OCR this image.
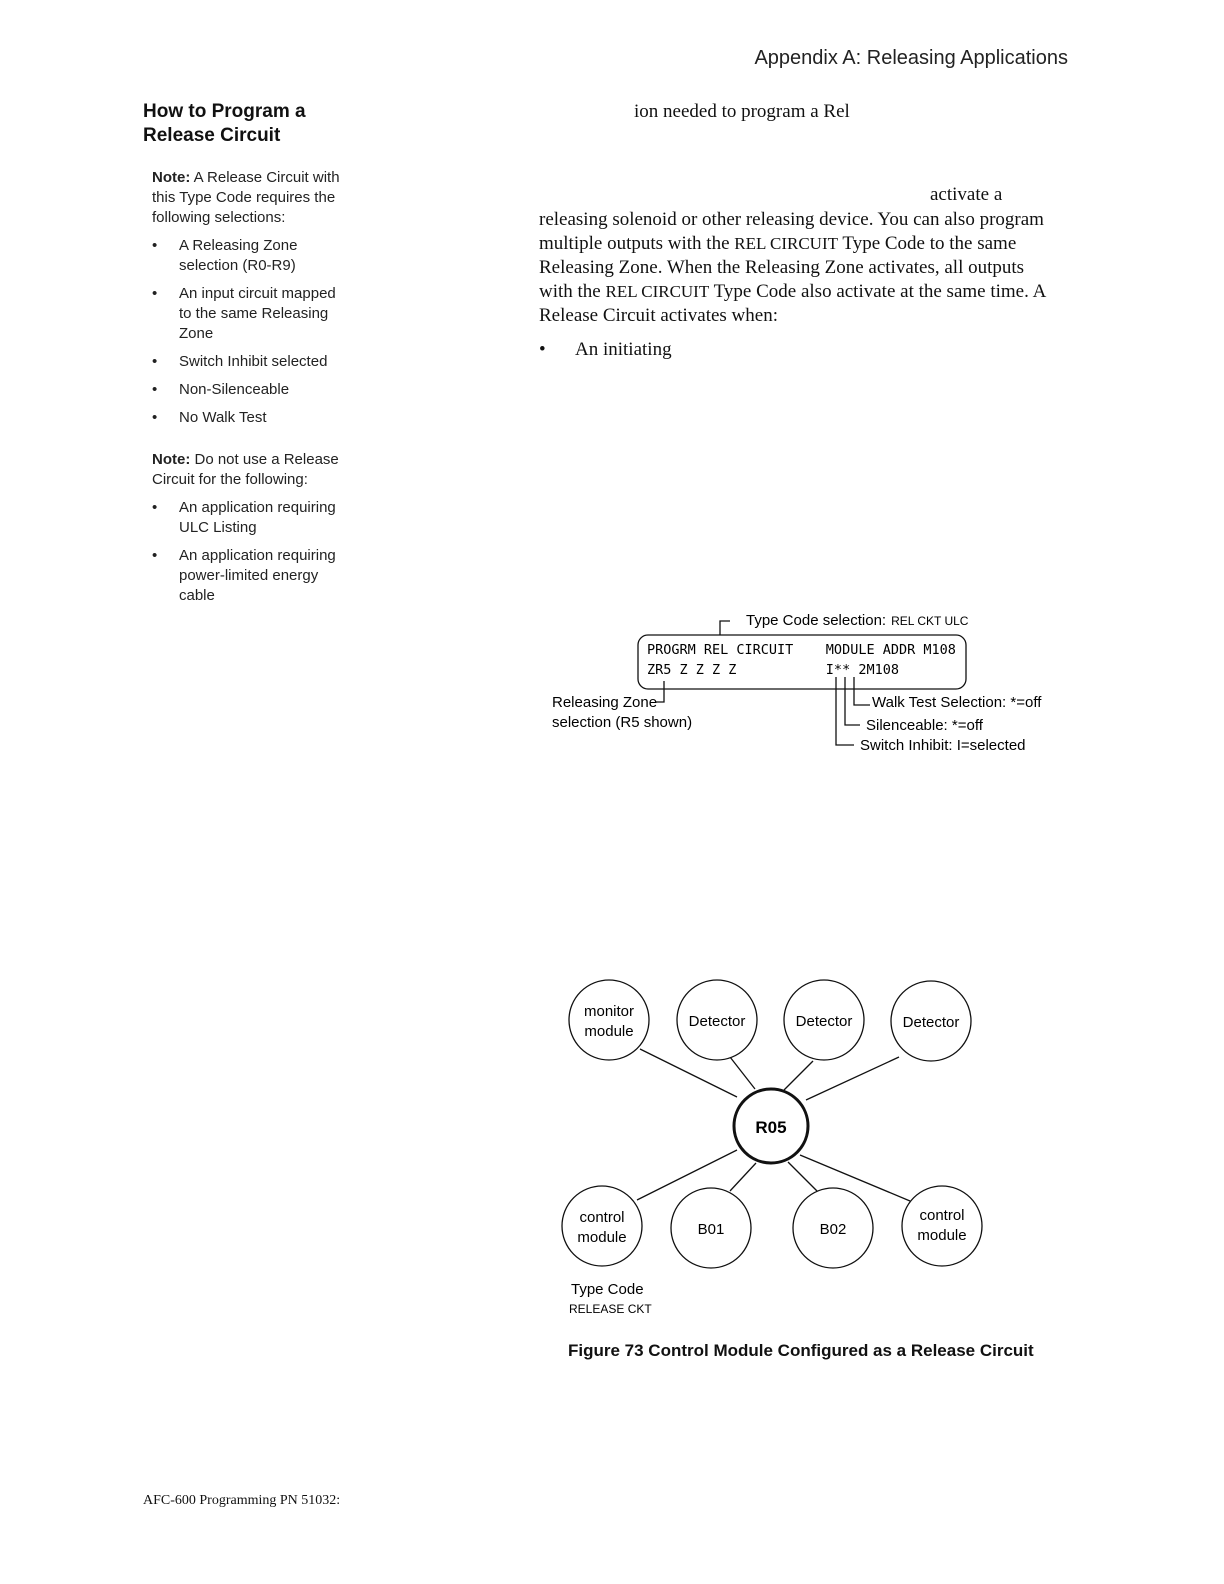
Appendix A: Releasing Applications
How to Program a
Release Circuit
Note: A Release Circuit with this Type Code requires the following selections:
• A Releasing Zone selection (R0-R9)
• An input circuit mapped to the same Releasing Zone
• Switch Inhibit selected
• Non-Silenceable
• No Walk Test
Note: Do not use a Release Circuit for the following:
• An application requiring ULC Listing
• An application requiring power-limited energy cable
ion needed to program a Rel
activate a

releasing solenoid or other releasing device. You can also program multiple outputs with the REL CIRCUIT Type Code to the same Releasing Zone. When the Releasing Zone activates, all outputs with the REL CIRCUIT Type Code also activate at the same time. A Release Circuit activates when:

• An initiating
Type Code selection: REL CKT ULC
PROGRM REL CIRCUIT    MODULE ADDR M108
ZR5 Z Z Z Z           I** 2M108
Releasing Zone
selection (R5 shown)
Walk Test Selection: *=off
Silenceable: *=off
Switch Inhibit: I=selected
monitor
module
Detector	Detector	Detector
R05
control
module	B01	B02
control
module
Type Code
RELEASE CKT
Figure 73 Control Module Configured as a Release Circuit
AFC-600 Programming PN 51032:
